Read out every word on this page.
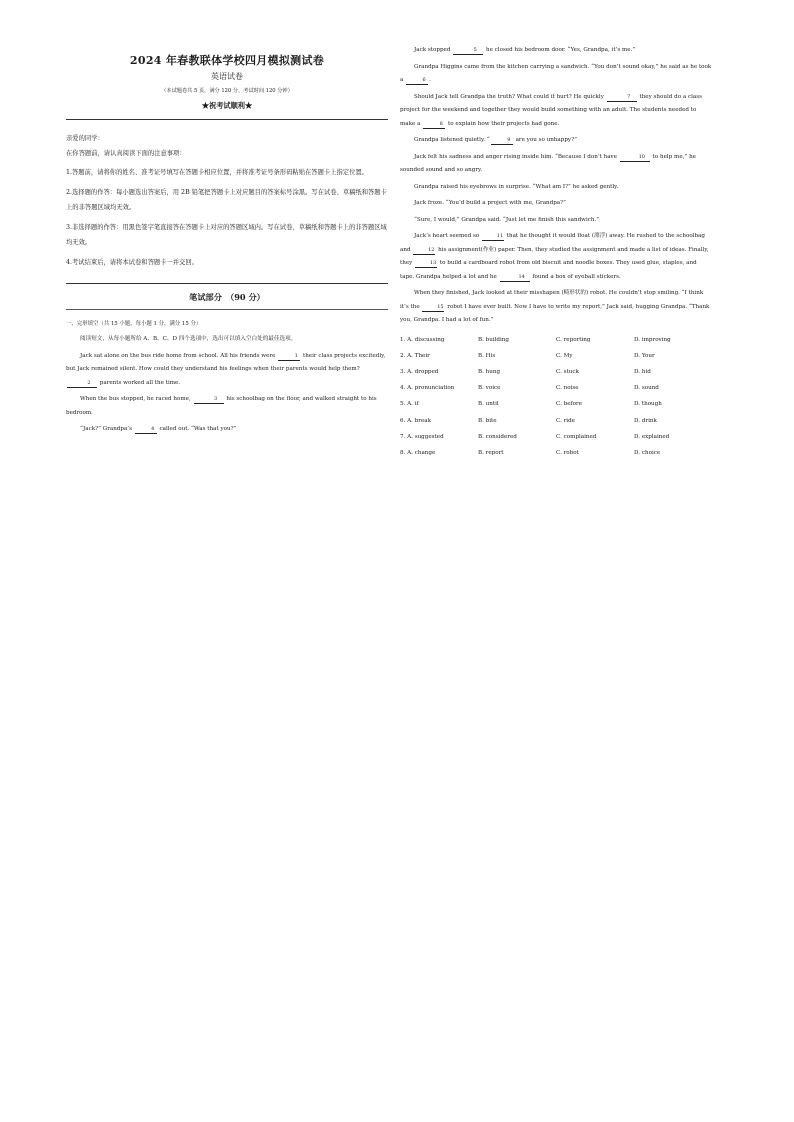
2024 年春教联体学校四月模拟测试卷
英语试卷
（本试题卷共 5 页，满分 120 分，考试时间 120 分钟）
★祝考试顺利★
亲爱的同学：
在你答题前，请认真阅读下面的注意事项：
1.答题前，请将你的姓名、准考证号填写在答题卡相应位置，并将准考证号条形码粘贴在答题卡上指定位置。
2.选择题的作答：每小题选出答案后，用 2B 铅笔把答题卡上对应题目的答案标号涂黑。写在试卷、草稿纸和答题卡上的非答题区域均无效。
3.非选择题的作答：用黑色签字笔直接答在答题卡上对应的答题区域内。写在试卷、草稿纸和答题卡上的非答题区域均无效。
4.考试结束后，请将本试卷和答题卡一并交回。
笔试部分　（90 分）
一、完形填空（共 15 小题，每小题 1 分，满分 15 分）

阅读短文，从每小题所给 A、B、C、D 四个选项中，选出可以填入空白处的最佳选项。

Jack sat alone on the bus ride home from school. All his friends were	1 their class projects excitedly, but Jack remained silent. How could they understand his feelings when their parents would help them? 2 parents worked all the time.

When the bus stopped, he raced home,	3 his schoolbag on the floor, and walked straight to his bedroom.

“Jack?” Grandpa’s	4 called out. “Was that you?”

Jack stopped	5 he closed his bedroom door. “Yes, Grandpa, it’s me.”

Grandpa Higgins came from the kitchen carrying a sandwich. “You don’t sound okay,” he said as he took a	6 .

Should Jack tell Grandpa the truth? What could it hurt? He quickly	7 they should do a class project for the weekend and together they would build something with an adult. The students needed to make a	8 to explain how their projects had gone.

Grandpa listened quietly. “	9 are you so unhappy?”

Jack felt his sadness and anger rising inside him. “Because I don’t have	10 to help me,” he sounded sound and so angry.

Grandpa raised his eyebrows in surprise. “What am I?” he asked gently.

Jack froze. “You’d build a project with me, Grandpa?”

“Sure, I would,” Grandpa said. “Just let me finish this sandwich.”

Jack’s heart seemed so	11 that he thought it would float (漂浮) away. He rushed to the schoolbag and	12 his assignment(作业) paper. Then, they studied the assignment and made a list of ideas. Finally, they	13 to build a cardboard robot from old biscuit and noodle boxes. They used glue, staples, and tape. Grandpa helped a lot and he	14 found a box of eyeball stickers.

When they finished, Jack looked at their misshapen (畸形状的) robot. He couldn’t stop smiling. “I think it’s the	15 robot I have ever built. Now I have to write my report,” Jack said, hugging Grandpa. “Thank you, Grandpa. I had a lot of fun.”

1. A. discussing	B. building	C. reporting	D. improving
2. A. Their	B. His	C. My	D. Your
3. A. dropped	B. hung	C. stuck	D. hid
4. A. pronunciation	B. voice	C. noise	D. sound
5. A. if	B. until	C. before	D. though
6. A. break	B. bite	C. ride	D. drink
7. A. suggested	B. considered	C. complained	D. explained
8. A. change	B. report	C. robot	D. choice
